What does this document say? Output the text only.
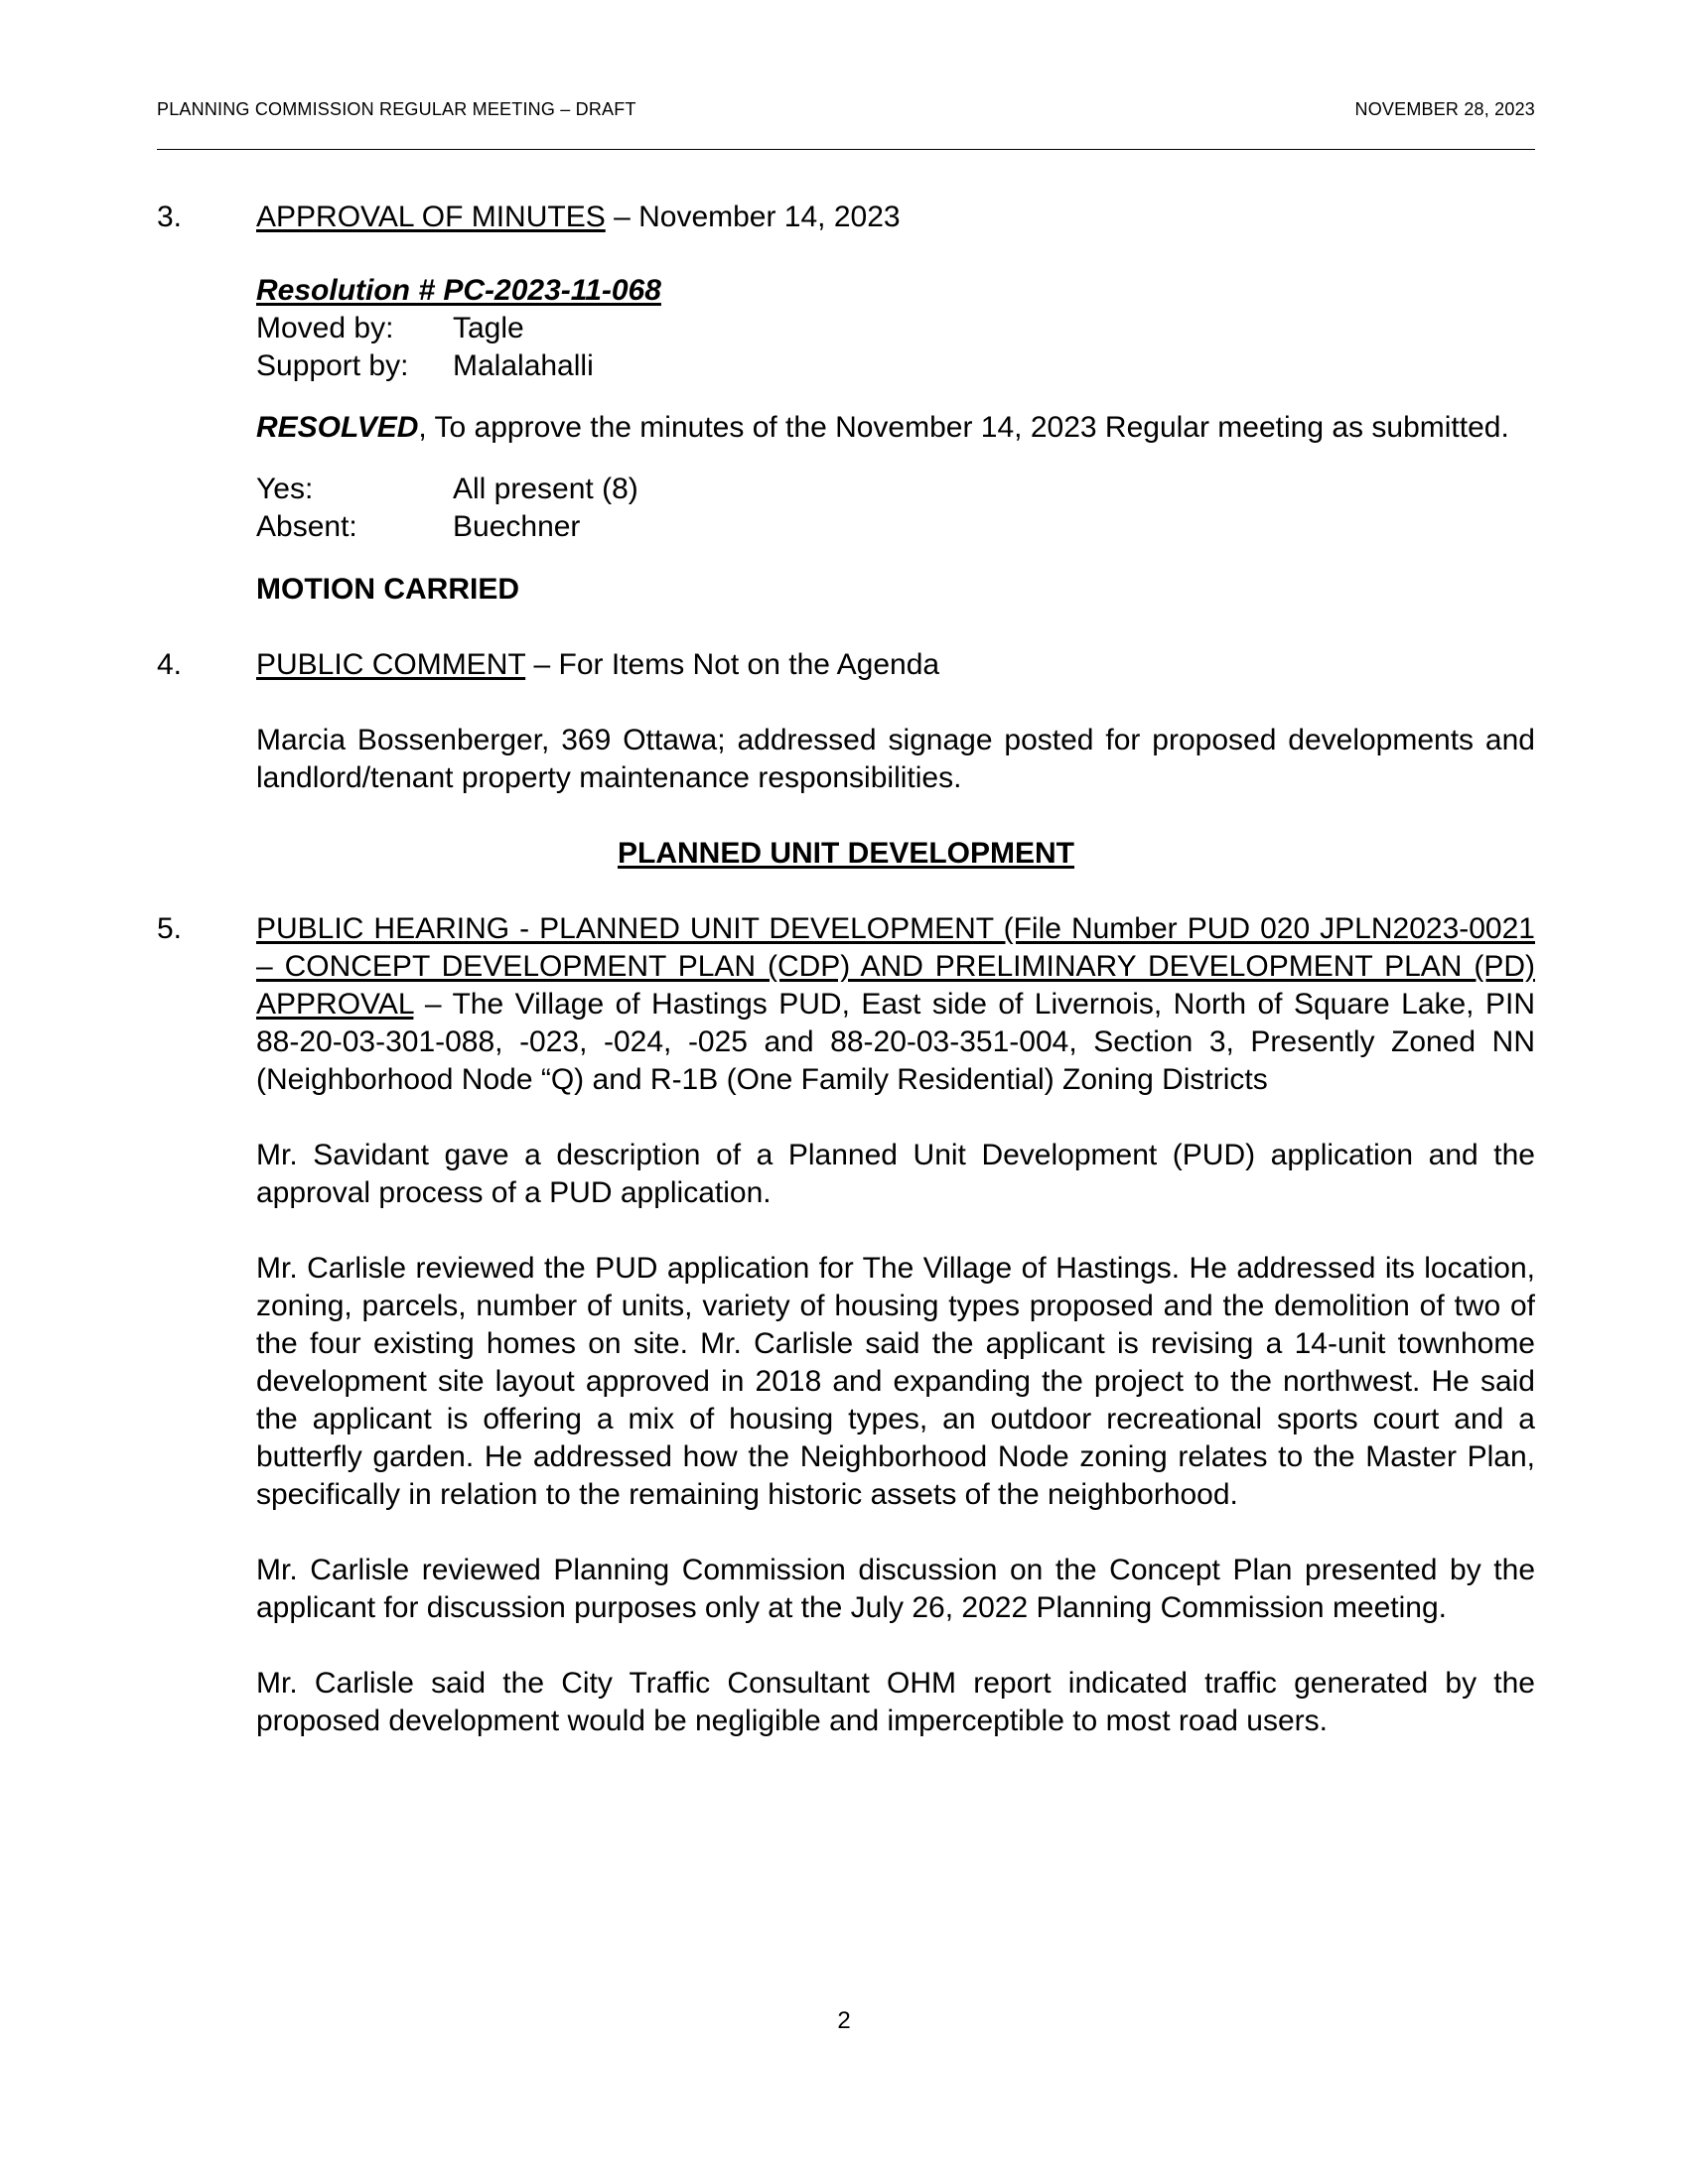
PLANNING COMMISSION REGULAR MEETING – DRAFT	NOVEMBER 28, 2023
3.	APPROVAL OF MINUTES – November 14, 2023
Resolution # PC-2023-11-068
Moved by:	Tagle
Support by:	Malalahalli
RESOLVED, To approve the minutes of the November 14, 2023 Regular meeting as submitted.
Yes:	All present (8)
Absent:	Buechner
MOTION CARRIED
4.	PUBLIC COMMENT – For Items Not on the Agenda
Marcia Bossenberger, 369 Ottawa; addressed signage posted for proposed developments and landlord/tenant property maintenance responsibilities.
PLANNED UNIT DEVELOPMENT
5.	PUBLIC HEARING - PLANNED UNIT DEVELOPMENT (File Number PUD 020 JPLN2023-0021 – CONCEPT DEVELOPMENT PLAN (CDP) AND PRELIMINARY DEVELOPMENT PLAN (PD) APPROVAL – The Village of Hastings PUD, East side of Livernois, North of Square Lake, PIN 88-20-03-301-088, -023, -024, -025 and 88-20-03-351-004, Section 3, Presently Zoned NN (Neighborhood Node “Q) and R-1B (One Family Residential) Zoning Districts
Mr. Savidant gave a description of a Planned Unit Development (PUD) application and the approval process of a PUD application.
Mr. Carlisle reviewed the PUD application for The Village of Hastings. He addressed its location, zoning, parcels, number of units, variety of housing types proposed and the demolition of two of the four existing homes on site. Mr. Carlisle said the applicant is revising a 14-unit townhome development site layout approved in 2018 and expanding the project to the northwest. He said the applicant is offering a mix of housing types, an outdoor recreational sports court and a butterfly garden. He addressed how the Neighborhood Node zoning relates to the Master Plan, specifically in relation to the remaining historic assets of the neighborhood.
Mr. Carlisle reviewed Planning Commission discussion on the Concept Plan presented by the applicant for discussion purposes only at the July 26, 2022 Planning Commission meeting.
Mr. Carlisle said the City Traffic Consultant OHM report indicated traffic generated by the proposed development would be negligible and imperceptible to most road users.
2
